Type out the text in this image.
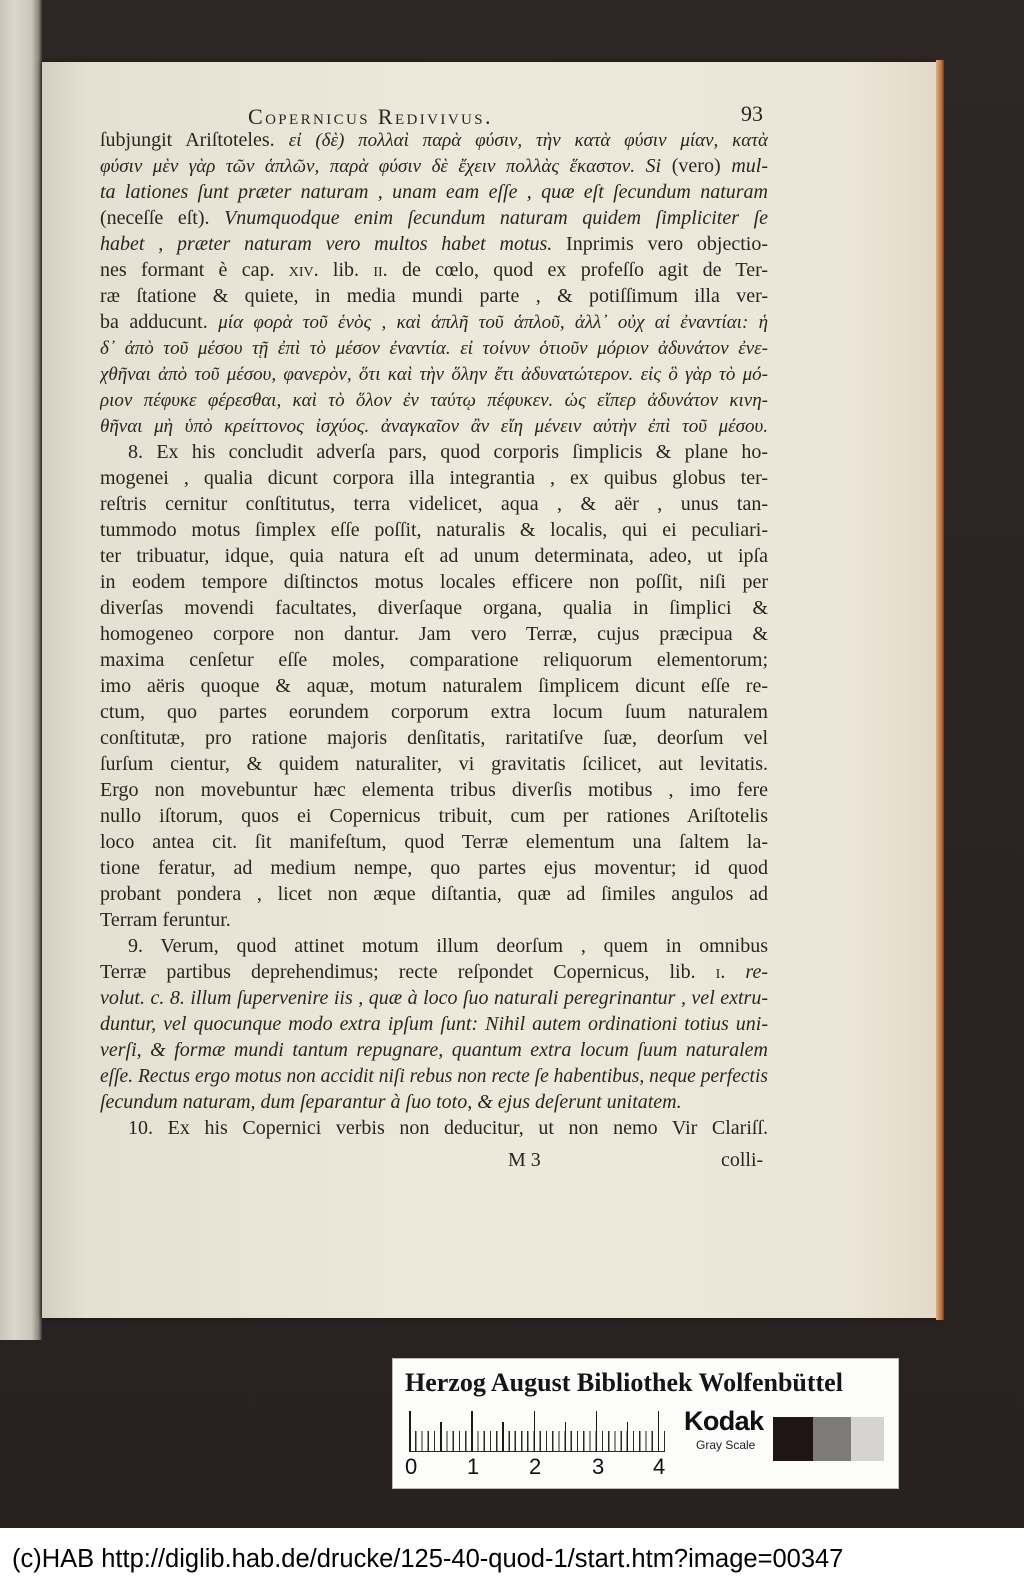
Copernicus Redivivus.	93
ſubjungit Ariſtoteles. εἰ (δὲ) πολλαὶ παρὰ φύσιν, τὴν κατὰ φύσιν μίαν, κατὰ
φύσιν μὲν γὰρ τῶν ἁπλῶν, παρὰ φύσιν δὲ ἔχειν πολλὰς ἕκαστον. Si (vero) mul-
ta lationes ſunt præter naturam , unam eam eſſe , quæ eſt ſecundum naturam
(neceſſe eſt). Vnumquodque enim ſecundum naturam quidem ſimpliciter ſe
habet , præter naturam vero multos habet motus. Inprimis vero objectio-
nes formant è cap. xiv. lib. ii. de cœlo, quod ex profeſſo agit de Ter-
ræ ſtatione & quiete, in media mundi parte , & potiſſimum illa ver-
ba adducunt. μία φορὰ τοῦ ἑνὸς , καὶ ἁπλῆ τοῦ ἁπλοῦ, ἀλλ᾽ οὐχ αἱ ἐναντίαι: ἡ
δ᾽ ἀπὸ τοῦ μέσου τῇ ἐπὶ τὸ μέσον ἐναντία. εἰ τοίνυν ὁτιοῦν μόριον ἀδυνάτον ἐνε-
χθῆναι ἀπὸ τοῦ μέσου, φανερὸν, ὅτι καὶ τὴν ὅλην ἔτι ἀδυνατώτερον. εἰς ὃ γὰρ τὸ μό-
ριον πέφυκε φέρεσθαι, καὶ τὸ ὅλον ἐν ταύτῳ πέφυκεν. ὡς εἴπερ ἀδυνάτον κινη-
θῆναι μὴ ὑπὸ κρείττονος ἰσχύος. ἀναγκαῖον ἂν εἴη μένειν αὐτὴν ἐπὶ τοῦ μέσου.
8. Ex his concludit adverſa pars, quod corporis ſimplicis & plane ho-
mogenei , qualia dicunt corpora illa integrantia , ex quibus globus ter-
reſtris cernitur conſtitutus, terra videlicet, aqua , & aër , unus tan-
tummodo motus ſimplex eſſe poſſit, naturalis & localis, qui ei peculiari-
ter tribuatur, idque, quia natura eſt ad unum determinata, adeo, ut ipſa
in eodem tempore diſtinctos motus locales efficere non poſſit, niſi per
diverſas movendi facultates, diverſaque organa, qualia in ſimplici &
homogeneo corpore non dantur. Jam vero Terræ, cujus præcipua &
maxima cenſetur eſſe moles, comparatione reliquorum elementorum;
imo aëris quoque & aquæ, motum naturalem ſimplicem dicunt eſſe re-
ctum, quo partes eorundem corporum extra locum ſuum naturalem
conſtitutæ, pro ratione majoris denſitatis, raritatiſve ſuæ, deorſum vel
ſurſum cientur, & quidem naturaliter, vi gravitatis ſcilicet, aut levitatis.
Ergo non movebuntur hæc elementa tribus diverſis motibus , imo fere
nullo iſtorum, quos ei Copernicus tribuit, cum per rationes Ariſtotelis
loco antea cit. ſit manifeſtum, quod Terræ elementum una ſaltem la-
tione feratur, ad medium nempe, quo partes ejus moventur; id quod
probant pondera , licet non æque diſtantia, quæ ad ſimiles angulos ad
Terram feruntur.
9. Verum, quod attinet motum illum deorſum , quem in omnibus
Terræ partibus deprehendimus; recte reſpondet Copernicus, lib. i. re-
volut. c. 8. illum ſupervenire iis , quæ à loco ſuo naturali peregrinantur , vel extru-
duntur, vel quocunque modo extra ipſum ſunt: Nihil autem ordinationi totius uni-
verſi, & formæ mundi tantum repugnare, quantum extra locum ſuum naturalem
eſſe. Rectus ergo motus non accidit niſi rebus non recte ſe habentibus, neque perfectis
ſecundum naturam, dum ſeparantur à ſuo toto, & ejus deſerunt unitatem.
10. Ex his Copernici verbis non deducitur, ut non nemo Vir Clariſſ.
M 3	colli-
Herzog August Bibliothek Wolfenbüttel
0 1 2 3 4
Kodak
Gray Scale
(c)HAB http://diglib.hab.de/drucke/125-40-quod-1/start.htm?image=00347
